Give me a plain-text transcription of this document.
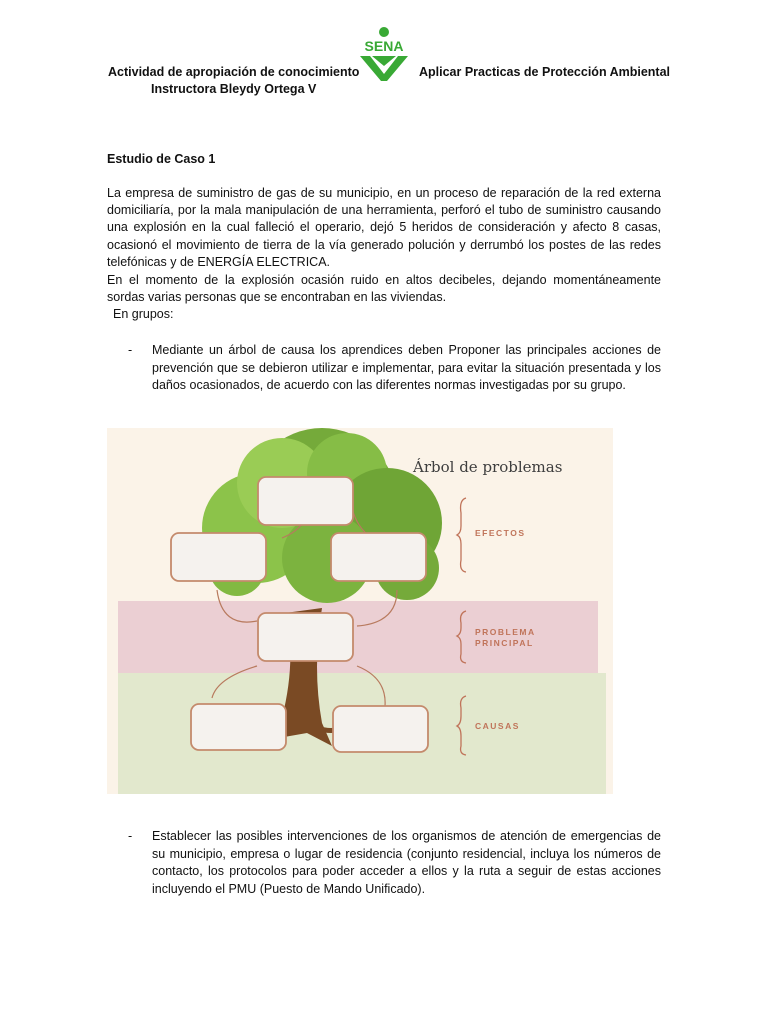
Actividad de apropiación de conocimiento
Instructora Bleydy Ortega V
Aplicar Practicas de Protección Ambiental
SENA
Estudio de Caso 1
La empresa de suministro de gas de su municipio, en un proceso de reparación de la red externa domiciliaría, por la mala manipulación de una herramienta, perforó el tubo de suministro causando una explosión en la cual falleció el operario, dejó 5 heridos de consideración y afecto 8 casas, ocasionó el movimiento de tierra de la vía generado polución y derrumbó los postes de las redes telefónicas y de ENERGÍA ELECTRICA.
En el momento de la explosión ocasión ruido en altos decibeles, dejando momentáneamente sordas varias personas que se encontraban en las viviendas.
En grupos:
- Mediante un árbol de causa los aprendices deben Proponer las principales acciones de prevención que se debieron utilizar e implementar, para evitar la situación presentada y los daños ocasionados, de acuerdo con las diferentes normas investigadas por su grupo.
Árbol de problemas
EFECTOS
PROBLEMA
PRINCIPAL
CAUSAS
- Establecer las posibles intervenciones de los organismos de atención de emergencias de su municipio, empresa o lugar de residencia (conjunto residencial, incluya los números de contacto, los protocolos para poder acceder a ellos y la ruta a seguir de estas acciones incluyendo el PMU (Puesto de Mando Unificado).
